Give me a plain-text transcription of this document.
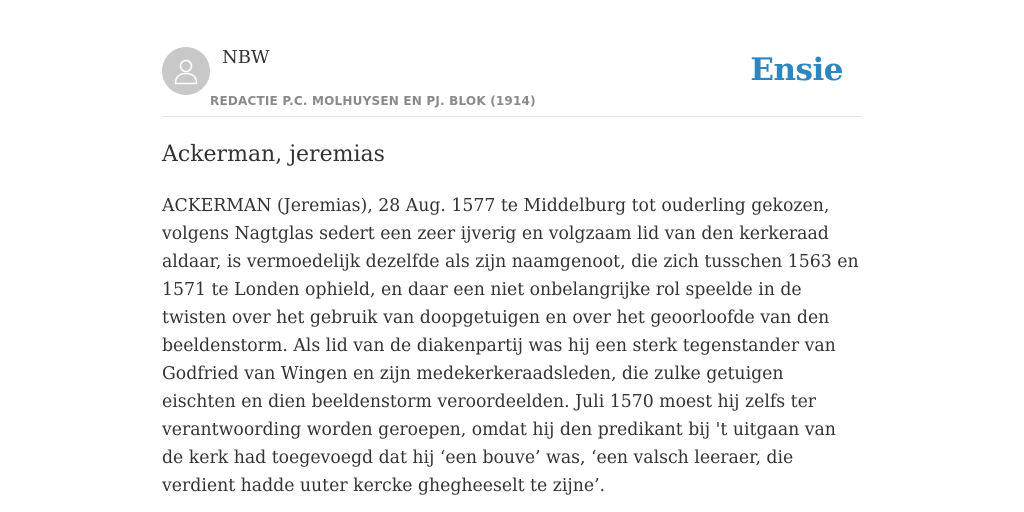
NBW
REDACTIE P.C. MOLHUYSEN EN PJ. BLOK (1914)
Ensie
Ackerman, jeremias

ACKERMAN (Jeremias), 28 Aug. 1577 te Middelburg tot ouderling gekozen, volgens Nagtglas sedert een zeer ijverig en volgzaam lid van den kerkeraad aldaar, is vermoedelijk dezelfde als zijn naamgenoot, die zich tusschen 1563 en 1571 te Londen ophield, en daar een niet onbelangrijke rol speelde in de twisten over het gebruik van doopgetuigen en over het geoorloofde van den beeldenstorm. Als lid van de diakenpartij was hij een sterk tegenstander van Godfried van Wingen en zijn medekerkeraadsleden, die zulke getuigen eischten en dien beeldenstorm veroordeelden. Juli 1570 moest hij zelfs ter verantwoording worden geroepen, omdat hij den predikant bij 't uitgaan van de kerk had toegevoegd dat hij ‘een bouve’ was, ‘een valsch leeraer, die verdient hadde uuter kercke ghegheeselt te zijne’.
